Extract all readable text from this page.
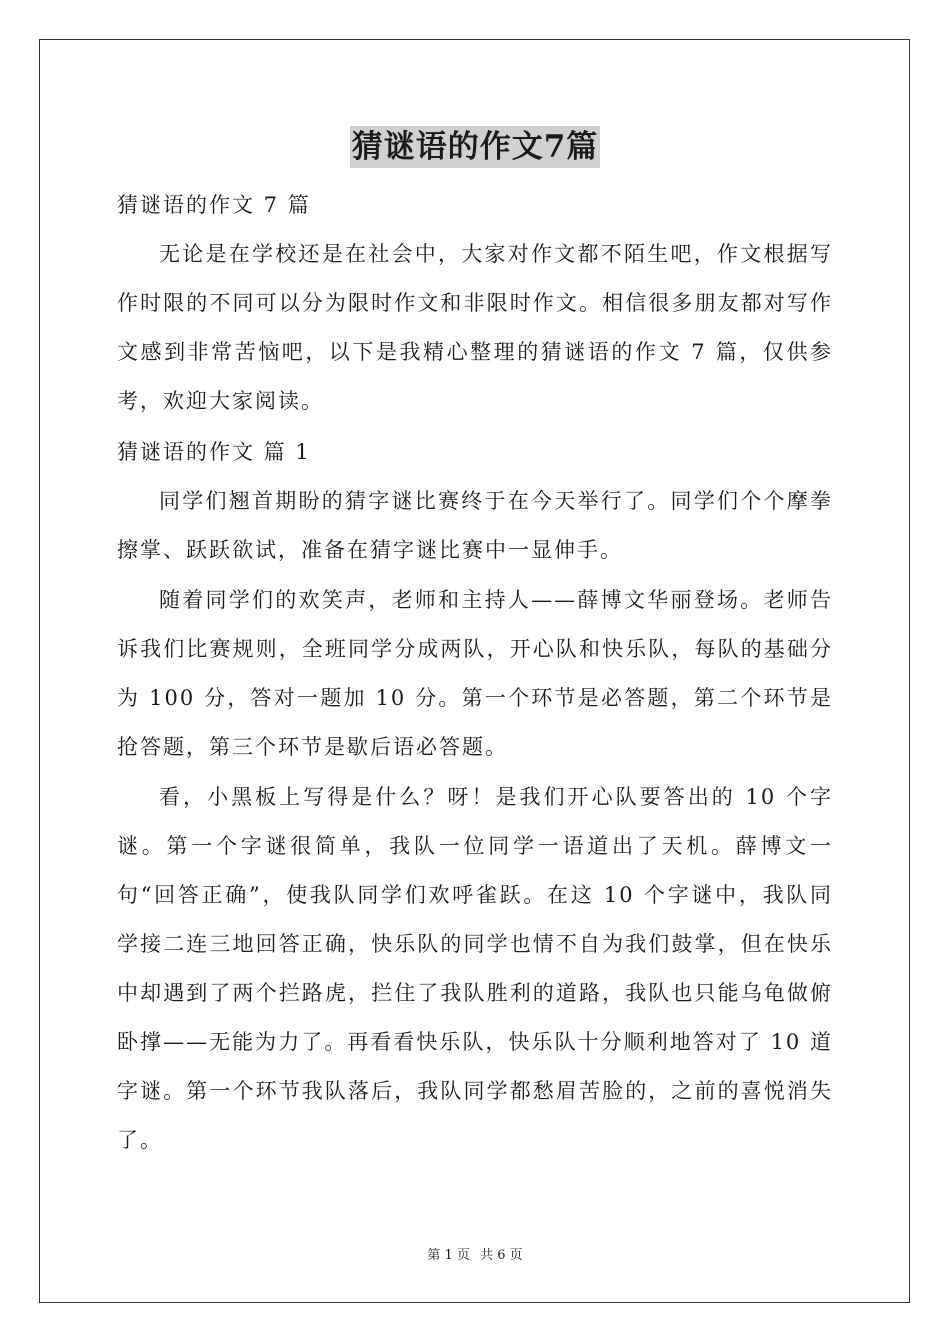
猜谜语的作文7篇

猜谜语的作文 7 篇

无论是在学校还是在社会中，大家对作文都不陌生吧，作文根据写作时限的不同可以分为限时作文和非限时作文。相信很多朋友都对写作文感到非常苦恼吧，以下是我精心整理的猜谜语的作文 7 篇，仅供参考，欢迎大家阅读。

猜谜语的作文 篇 1

同学们翘首期盼的猜字谜比赛终于在今天举行了。同学们个个摩拳擦掌、跃跃欲试，准备在猜字谜比赛中一显伸手。

随着同学们的欢笑声，老师和主持人——薛博文华丽登场。老师告诉我们比赛规则，全班同学分成两队，开心队和快乐队，每队的基础分为 100 分，答对一题加 10 分。第一个环节是必答题，第二个环节是抢答题，第三个环节是歇后语必答题。

看，小黑板上写得是什么？呀！是我们开心队要答出的 10 个字谜。第一个字谜很简单，我队一位同学一语道出了天机。薛博文一句“回答正确”，使我队同学们欢呼雀跃。在这 10 个字谜中，我队同学接二连三地回答正确，快乐队的同学也情不自为我们鼓掌，但在快乐中却遇到了两个拦路虎，拦住了我队胜利的道路，我队也只能乌龟做俯卧撑——无能为力了。再看看快乐队，快乐队十分顺利地答对了 10 道字谜。第一个环节我队落后，我队同学都愁眉苦脸的，之前的喜悦消失了。

第 1 页 共 6 页
